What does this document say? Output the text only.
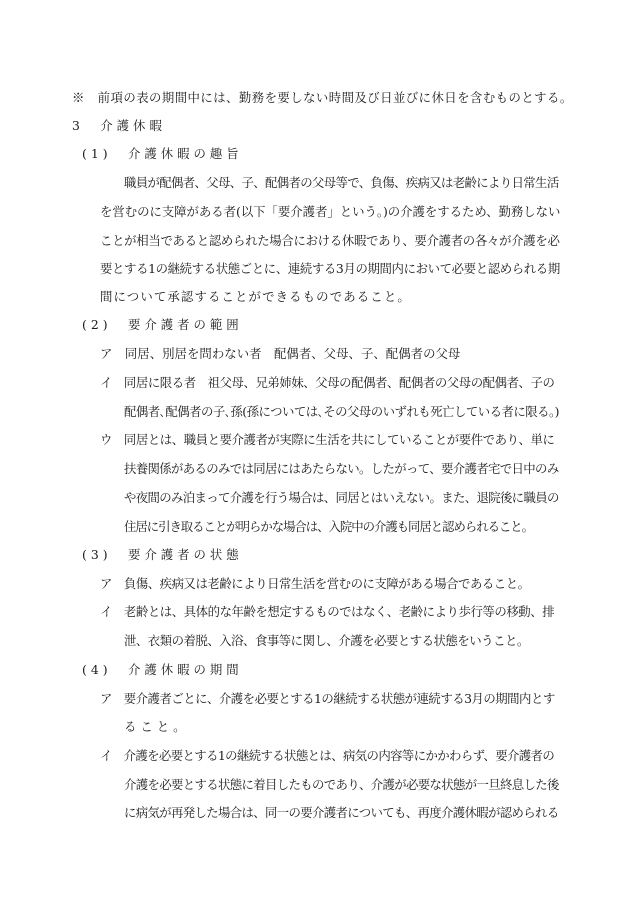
※　前項の表の期間中には、勤務を要しない時間及び日並びに休日を含むものとする。
3　介護休暇
(1)　介護休暇の趣旨
職員が配偶者、父母、子、配偶者の父母等で、負傷、疾病又は老齢により日常生活
を営むのに支障がある者(以下「要介護者」という。)の介護をするため、勤務しない
ことが相当であると認められた場合における休暇であり、要介護者の各々が介護を必
要とする1の継続する状態ごとに、連続する3月の期間内において必要と認められる期
間について承認することができるものであること。
(2)　要介護者の範囲
ア　同居、別居を問わない者　配偶者、父母、子、配偶者の父母
イ　同居に限る者　祖父母、兄弟姉妹、父母の配偶者、配偶者の父母の配偶者、子の
配偶者､配偶者の子､孫(孫については､その父母のいずれも死亡している者に限る｡)
ウ　同居とは、職員と要介護者が実際に生活を共にしていることが要件であり、単に
扶養関係があるのみでは同居にはあたらない。したがって、要介護者宅で日中のみ
や夜間のみ泊まって介護を行う場合は、同居とはいえない。また、退院後に職員の
住居に引き取ることが明らかな場合は、入院中の介護も同居と認められること。
(3)　要介護者の状態
ア　負傷、疾病又は老齢により日常生活を営むのに支障がある場合であること。
イ　老齢とは、具体的な年齢を想定するものではなく、老齢により歩行等の移動、排
泄、衣類の着脱、入浴、食事等に関し、介護を必要とする状態をいうこと。
(4)　介護休暇の期間
ア　要介護者ごとに、介護を必要とする1の継続する状態が連続する3月の期間内とす
ること。
イ　介護を必要とする1の継続する状態とは、病気の内容等にかかわらず、要介護者の
介護を必要とする状態に着目したものであり、介護が必要な状態が一旦終息した後
に病気が再発した場合は、同一の要介護者についても、再度介護休暇が認められる
